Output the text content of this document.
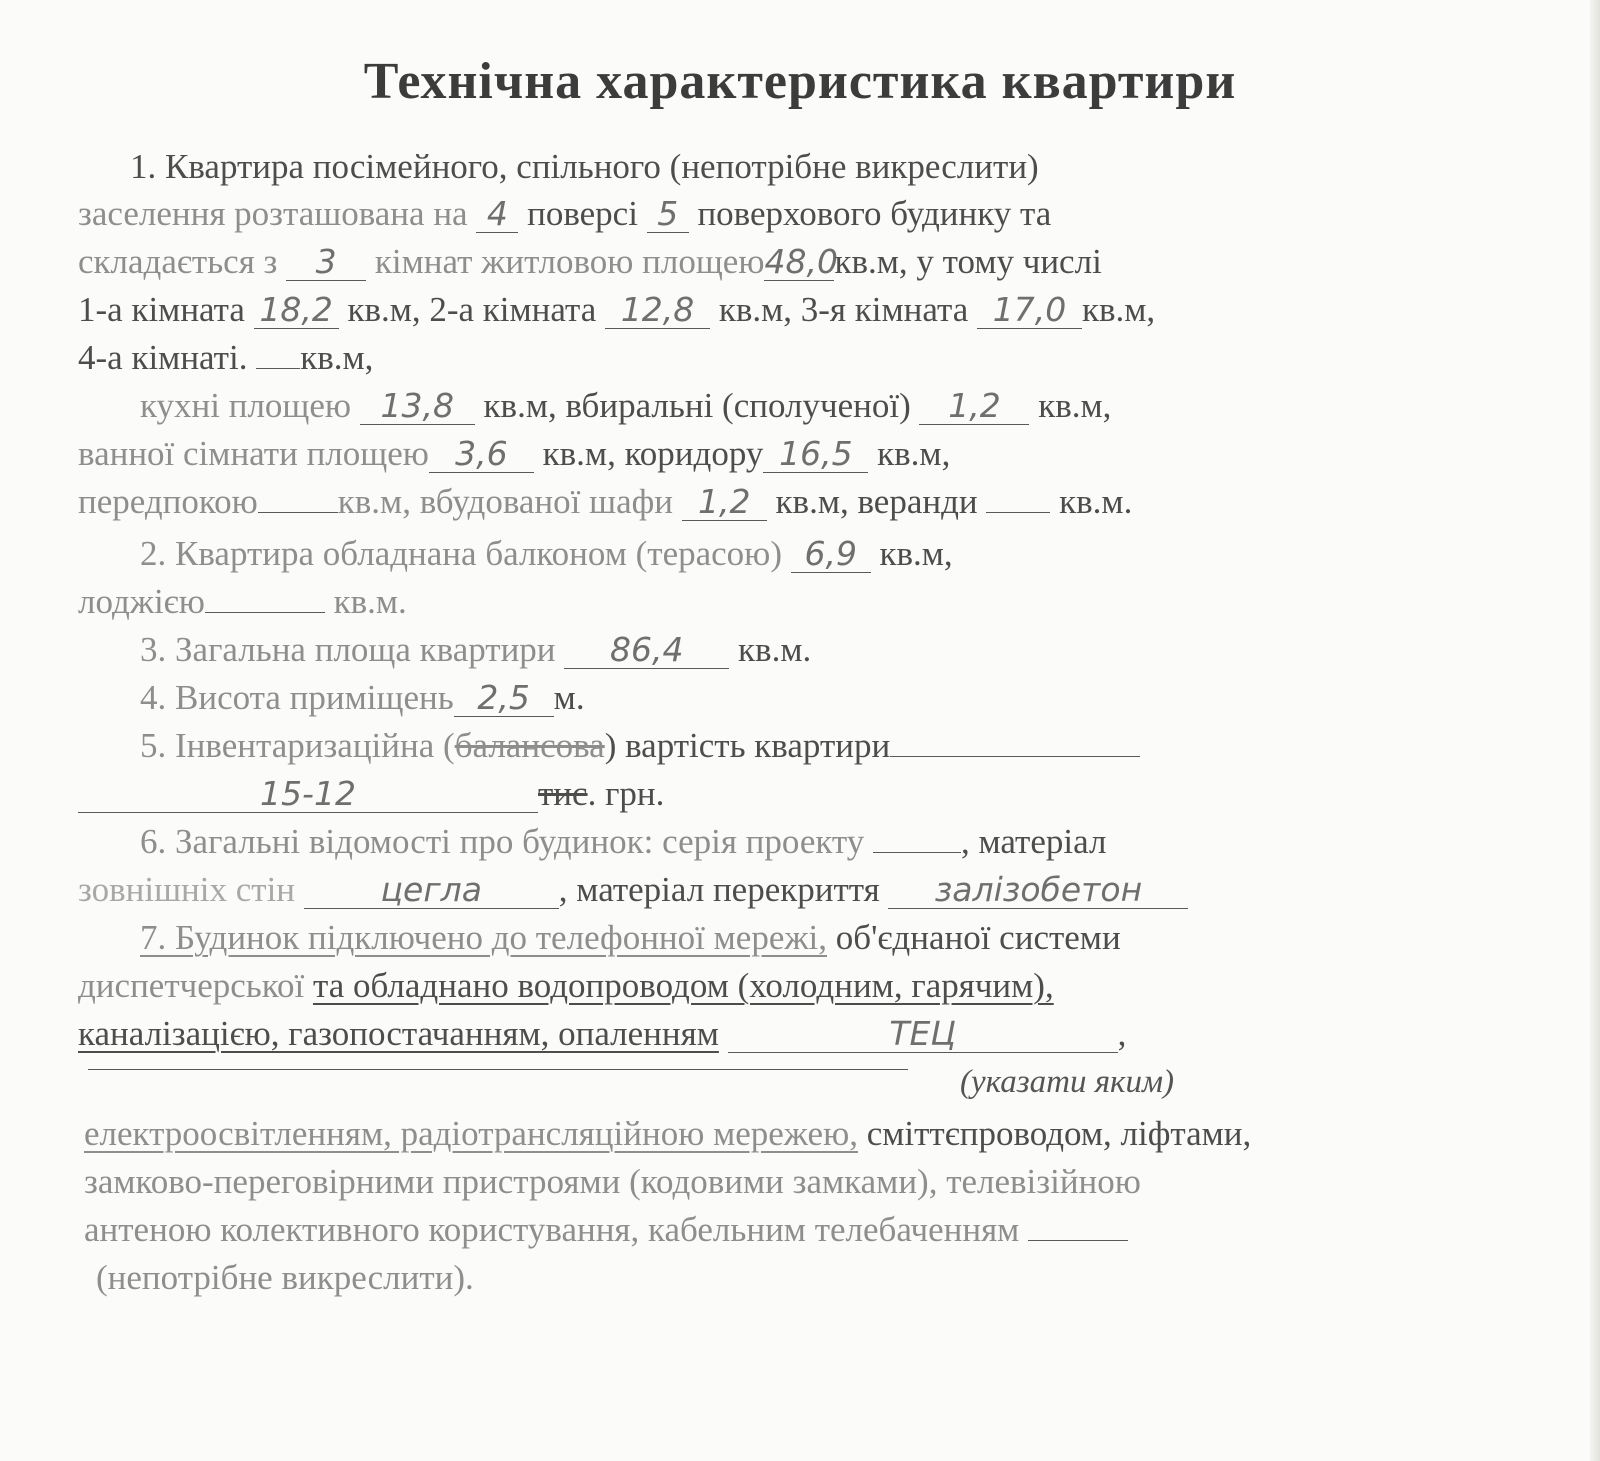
Технічна характеристика квартири
1. Квартира посімейного, спільного (непотрібне викреслити)
заселення розташована на 4 поверсі 5 поверхового будинку та
складається з 3 кімнат житловою площею48,0кв.м, у тому числі
1-а кімната 18,2 кв.м, 2-а кімната 12,8 кв.м, 3-я кімната 17,0 кв.м,
4-а кімнаті. кв.м,
кухні площею 13,8 кв.м, вбиральні (сполученої) 1,2 кв.м,
ванної сімнати площею 3,6 кв.м, коридору 16,5 кв.м,
передпокою кв.м, вбудованої шафи 1,2 кв.м, веранди кв.м.
2. Квартира обладнана балконом (терасою) 6,9 кв.м,
лоджією	кв.м.
3. Загальна площа квартири 86,4 кв.м.
4. Висота приміщень 2,5 м.
5. Інвентаризаційна (балансова) вартість квартири
15-12	тис. грн.
6. Загальні відомості про будинок: серія проекту	, матеріал
зовнішніх стін	цегла , матеріал перекриття залізобетон
7. Будинок підключено до телефонної мережі, об'єднаної системи
диспетчерської та обладнано водопроводом (холодним, гарячим),
каналізацією, газопостачанням, опаленням	ТЕЦ	,
(указати яким)
електроосвітленням, радіотрансляційною мережею, сміттєпроводом, ліфтами,
замково-переговірними пристроями (кодовими замками), телевізійною
антеною колективного користування, кабельним телебаченням
(непотрібне викреслити).
